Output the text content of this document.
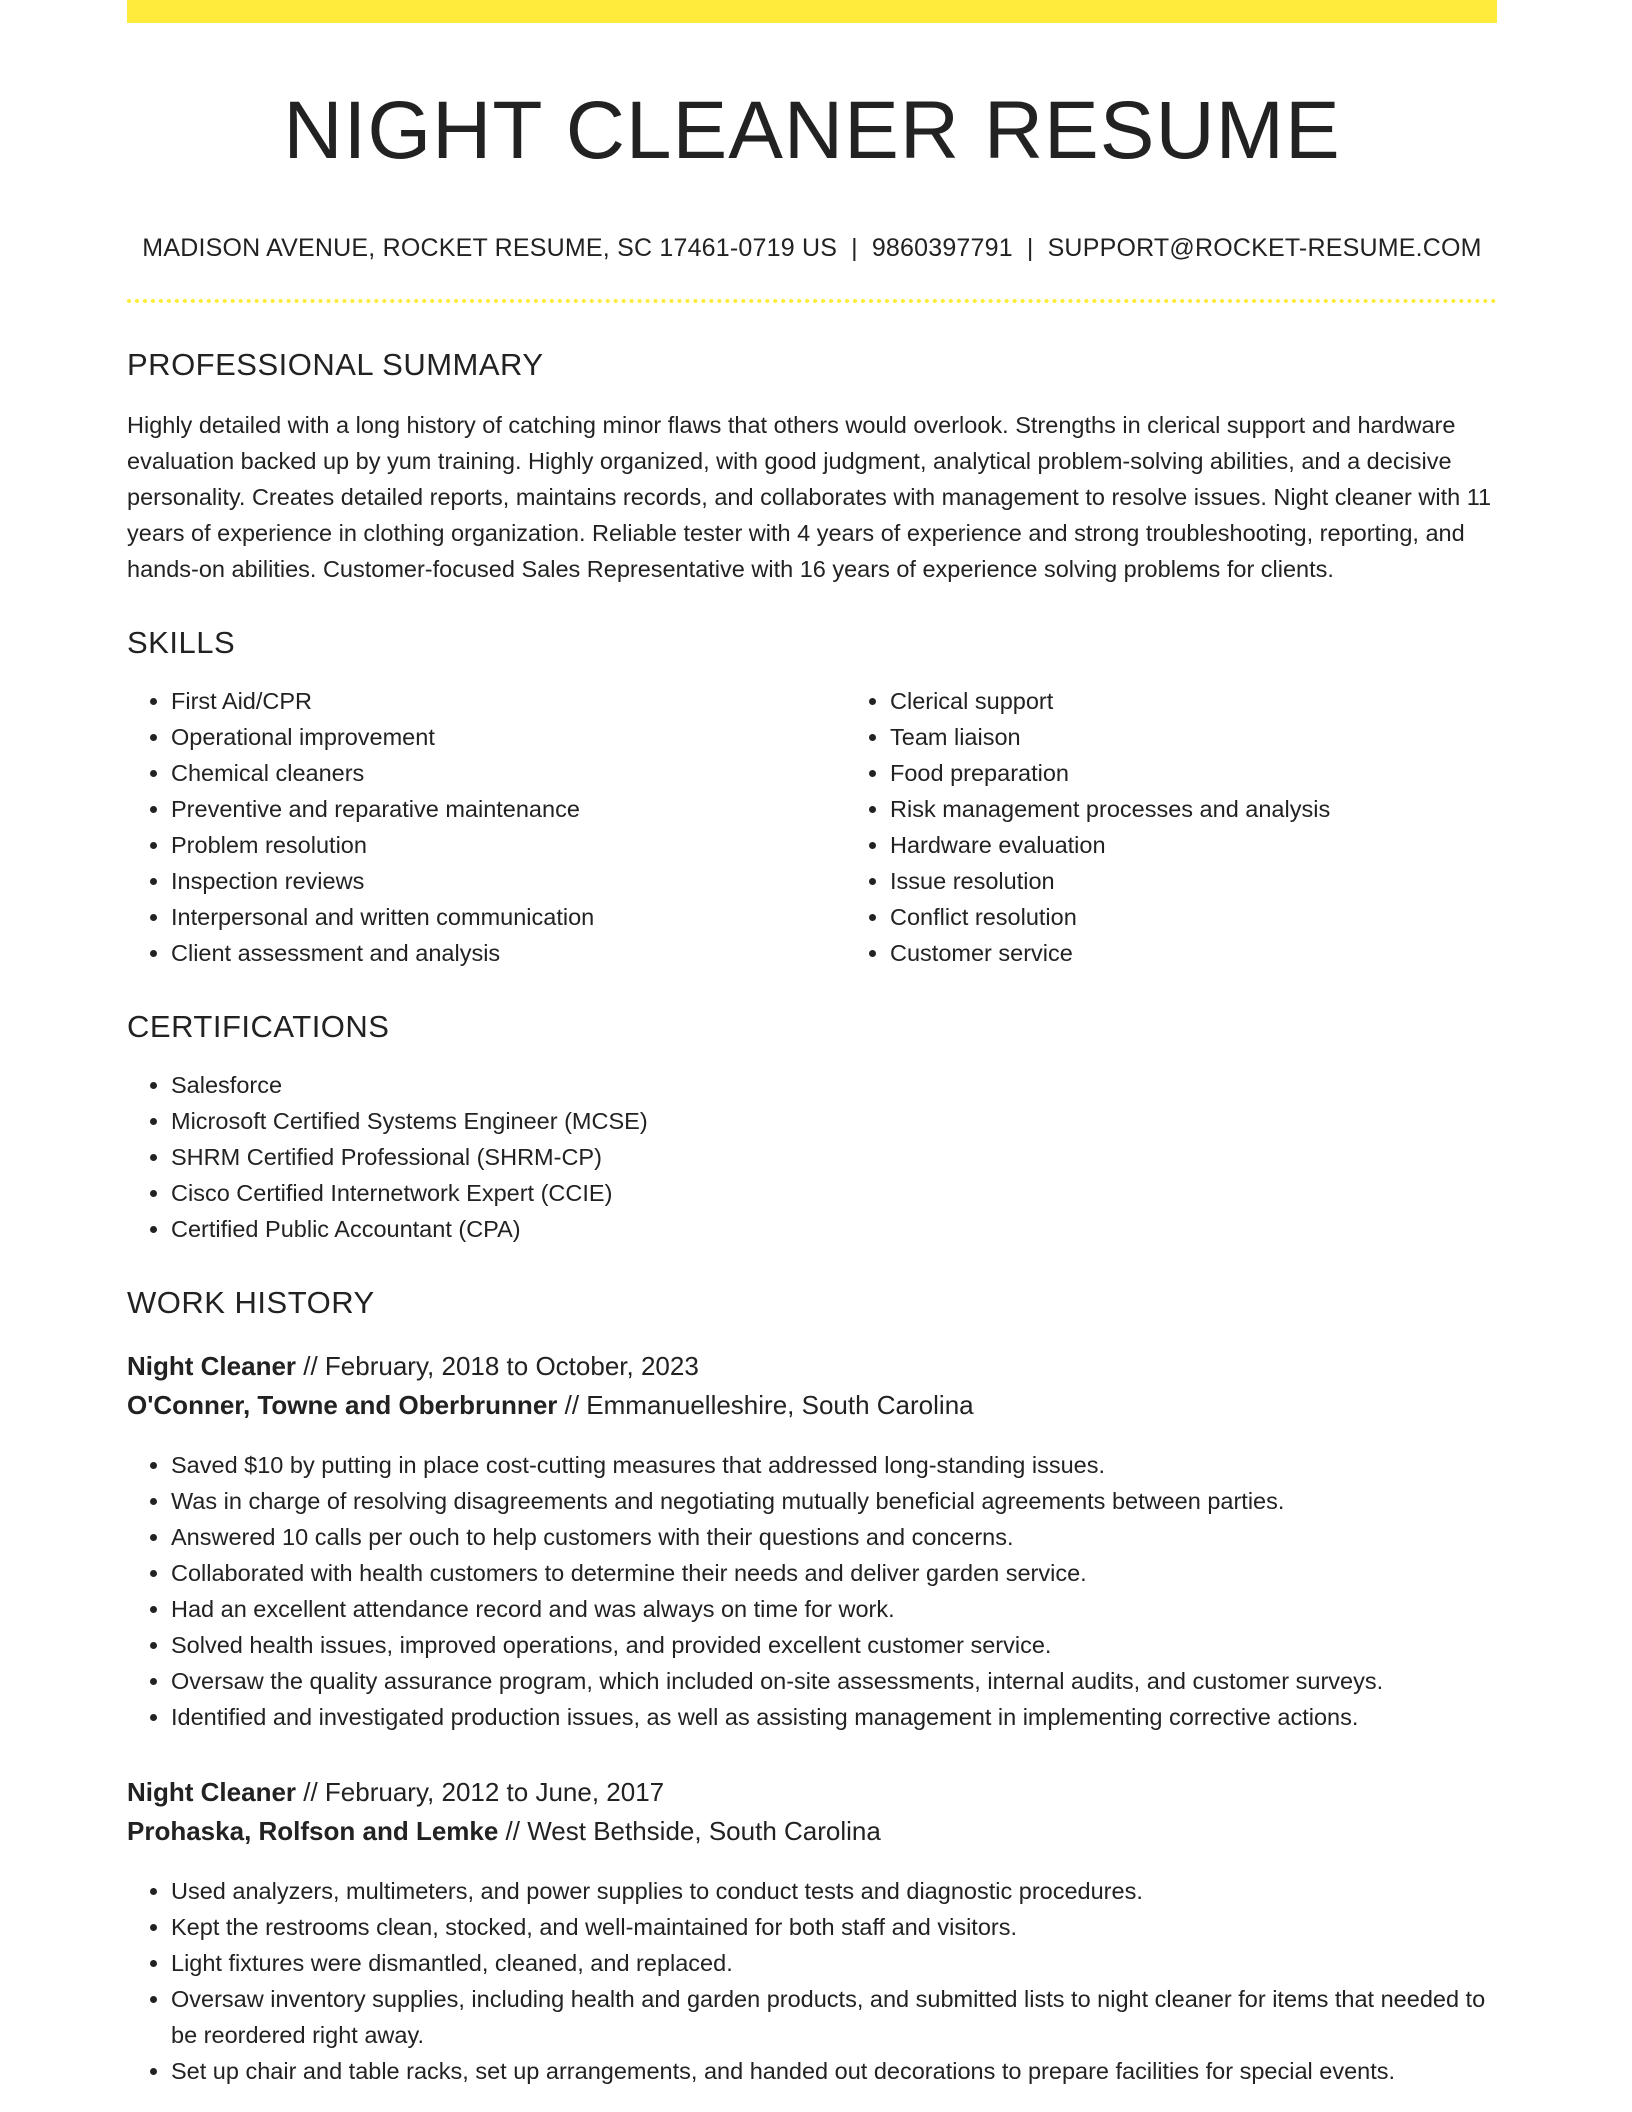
NIGHT CLEANER RESUME
MADISON AVENUE, ROCKET RESUME, SC 17461-0719 US | 9860397791 | SUPPORT@ROCKET-RESUME.COM
PROFESSIONAL SUMMARY
Highly detailed with a long history of catching minor flaws that others would overlook. Strengths in clerical support and hardware evaluation backed up by yum training. Highly organized, with good judgment, analytical problem-solving abilities, and a decisive personality. Creates detailed reports, maintains records, and collaborates with management to resolve issues. Night cleaner with 11 years of experience in clothing organization. Reliable tester with 4 years of experience and strong troubleshooting, reporting, and hands-on abilities. Customer-focused Sales Representative with 16 years of experience solving problems for clients.
SKILLS
• First Aid/CPR
• Operational improvement
• Chemical cleaners
• Preventive and reparative maintenance
• Problem resolution
• Inspection reviews
• Interpersonal and written communication
• Client assessment and analysis
• Clerical support
• Team liaison
• Food preparation
• Risk management processes and analysis
• Hardware evaluation
• Issue resolution
• Conflict resolution
• Customer service
CERTIFICATIONS
• Salesforce
• Microsoft Certified Systems Engineer (MCSE)
• SHRM Certified Professional (SHRM-CP)
• Cisco Certified Internetwork Expert (CCIE)
• Certified Public Accountant (CPA)
WORK HISTORY
Night Cleaner // February, 2018 to October, 2023
O'Conner, Towne and Oberbrunner // Emmanuelleshire, South Carolina
• Saved $10 by putting in place cost-cutting measures that addressed long-standing issues.
• Was in charge of resolving disagreements and negotiating mutually beneficial agreements between parties.
• Answered 10 calls per ouch to help customers with their questions and concerns.
• Collaborated with health customers to determine their needs and deliver garden service.
• Had an excellent attendance record and was always on time for work.
• Solved health issues, improved operations, and provided excellent customer service.
• Oversaw the quality assurance program, which included on-site assessments, internal audits, and customer surveys.
• Identified and investigated production issues, as well as assisting management in implementing corrective actions.
Night Cleaner // February, 2012 to June, 2017
Prohaska, Rolfson and Lemke // West Bethside, South Carolina
• Used analyzers, multimeters, and power supplies to conduct tests and diagnostic procedures.
• Kept the restrooms clean, stocked, and well-maintained for both staff and visitors.
• Light fixtures were dismantled, cleaned, and replaced.
• Oversaw inventory supplies, including health and garden products, and submitted lists to night cleaner for items that needed to be reordered right away.
• Set up chair and table racks, set up arrangements, and handed out decorations to prepare facilities for special events.
